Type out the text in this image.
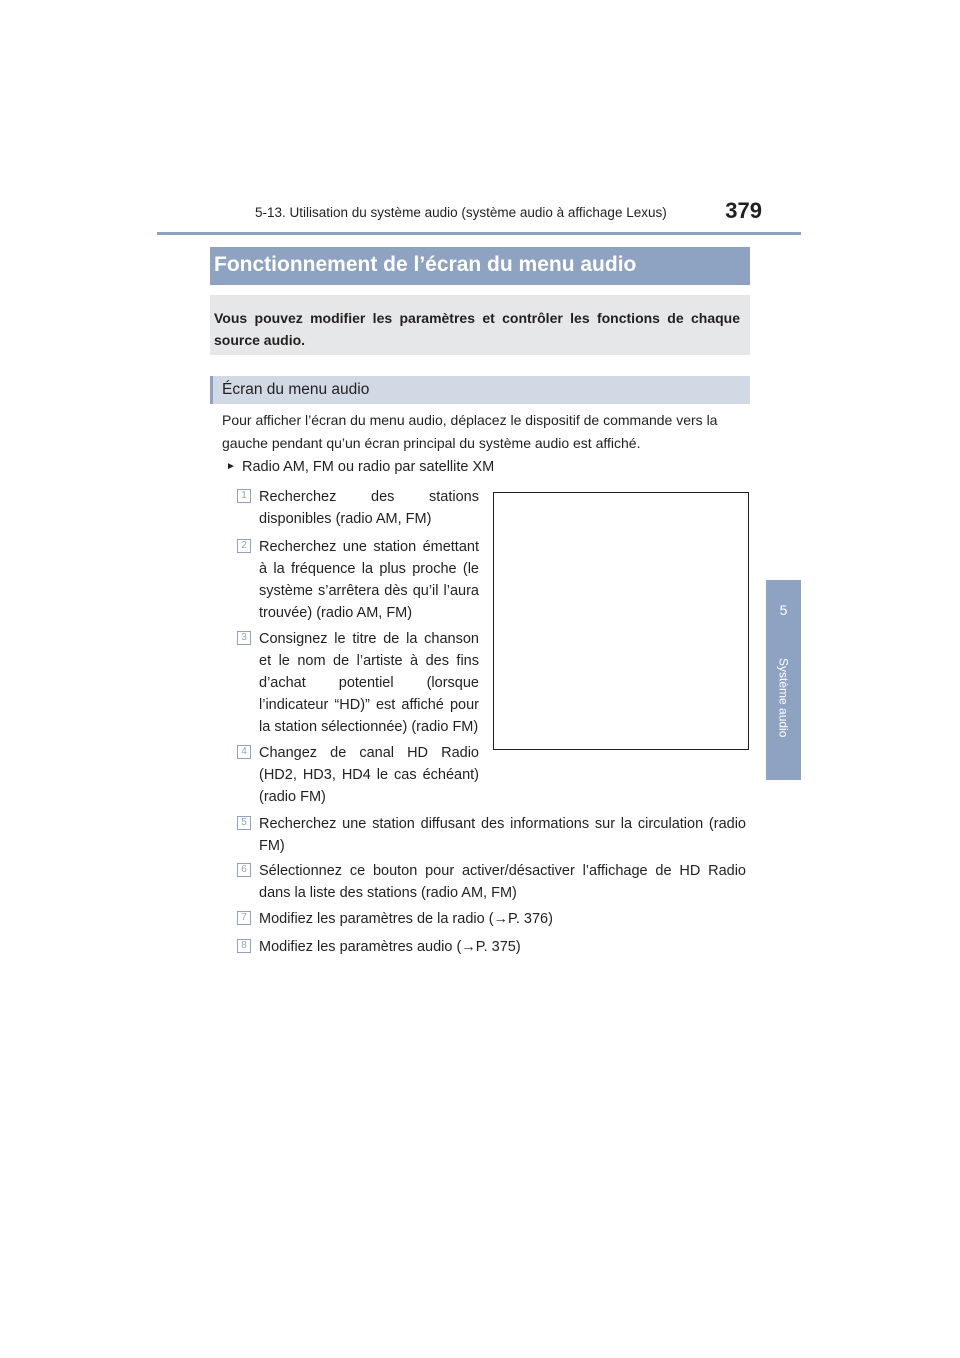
5-13. Utilisation du système audio (système audio à affichage Lexus)	379
5
Système audio
Fonctionnement de l’écran du menu audio
Vous pouvez modifier les paramètres et contrôler les fonctions de chaque source audio.
Écran du menu audio
Pour afficher l’écran du menu audio, déplacez le dispositif de commande vers la gauche pendant qu’un écran principal du système audio est affiché.
► Radio AM, FM ou radio par satellite XM
1 Recherchez des stations disponibles (radio AM, FM)
2 Recherchez une station émettant à la fréquence la plus proche (le système s’arrêtera dès qu’il l’aura trouvée) (radio AM, FM)
3 Consignez le titre de la chanson et le nom de l’artiste à des fins d’achat potentiel (lorsque l’indicateur “HD)” est affiché pour la station sélectionnée) (radio FM)
4 Changez de canal HD Radio (HD2, HD3, HD4 le cas échéant) (radio FM)
5 Recherchez une station diffusant des informations sur la circulation (radio FM)
6 Sélectionnez ce bouton pour activer/désactiver l’affichage de HD Radio dans la liste des stations (radio AM, FM)
7 Modifiez les paramètres de la radio (→P. 376)
8 Modifiez les paramètres audio (→P. 375)
